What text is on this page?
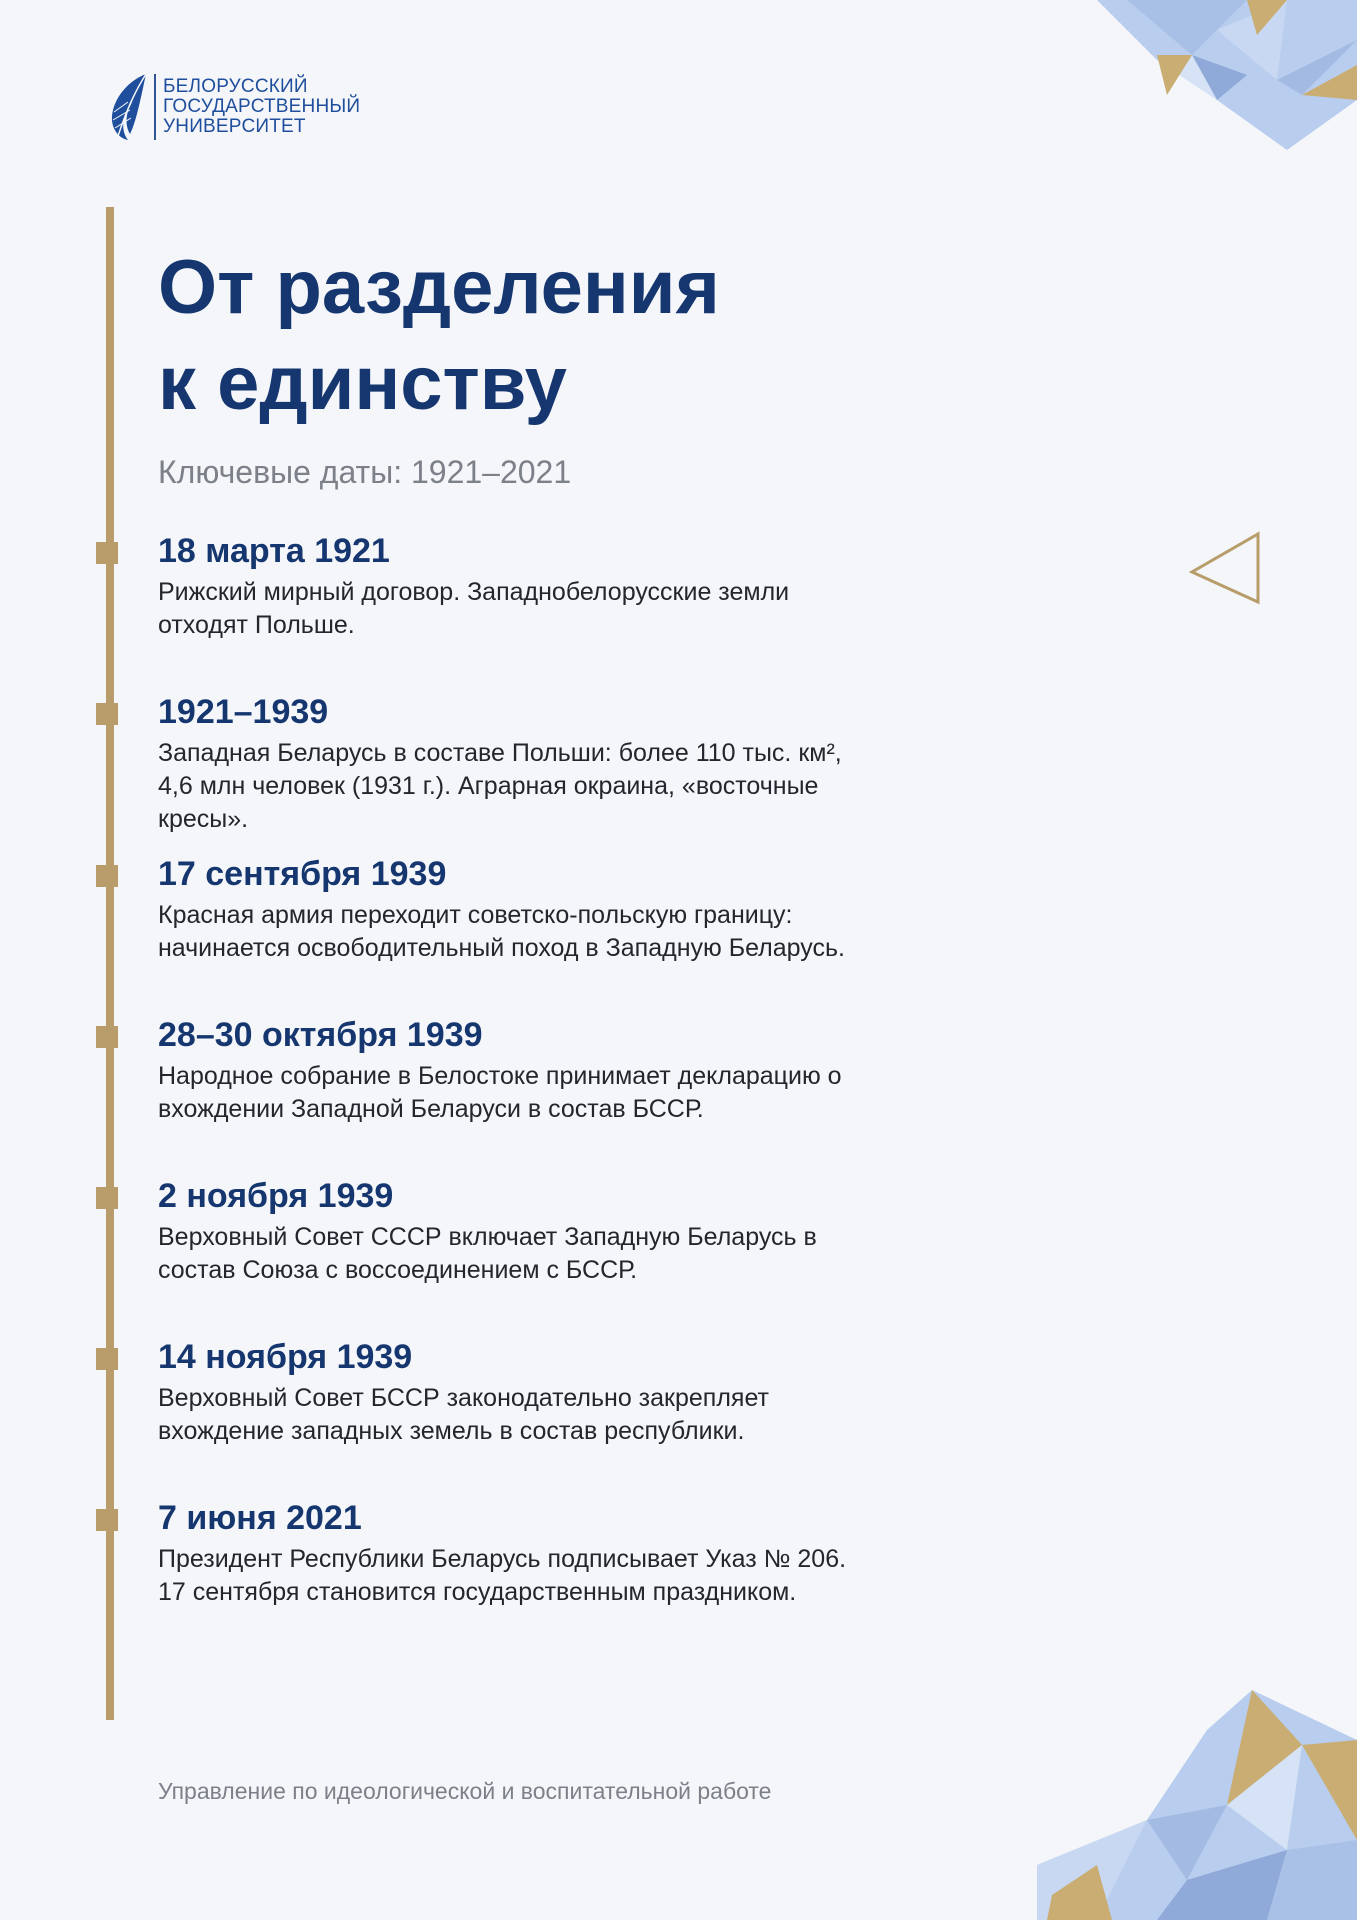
БЕЛОРУССКИЙ
ГОСУДАРСТВЕННЫЙ
УНИВЕРСИТЕТ
От разделения
к единству
Ключевые даты: 1921–2021
18 марта 1921

Рижский мирный договор. Западнобелорусские земли
отходят Польше.

1921–1939

Западная Беларусь в составе Польши: более 110 тыс. км²,
4,6 млн человек (1931 г.). Аграрная окраина, «восточные
кресы».

17 сентября 1939

Красная армия переходит советско-польскую границу:
начинается освободительный поход в Западную Беларусь.

28–30 октября 1939

Народное собрание в Белостоке принимает декларацию о
вхождении Западной Беларуси в состав БССР.

2 ноября 1939

Верховный Совет СССР включает Западную Беларусь в
состав Союза с воссоединением с БССР.

14 ноября 1939

Верховный Совет БССР законодательно закрепляет
вхождение западных земель в состав республики.

7 июня 2021

Президент Республики Беларусь подписывает Указ № 206.
17 сентября становится государственным праздником.

Управление по идеологической и воспитательной работе
